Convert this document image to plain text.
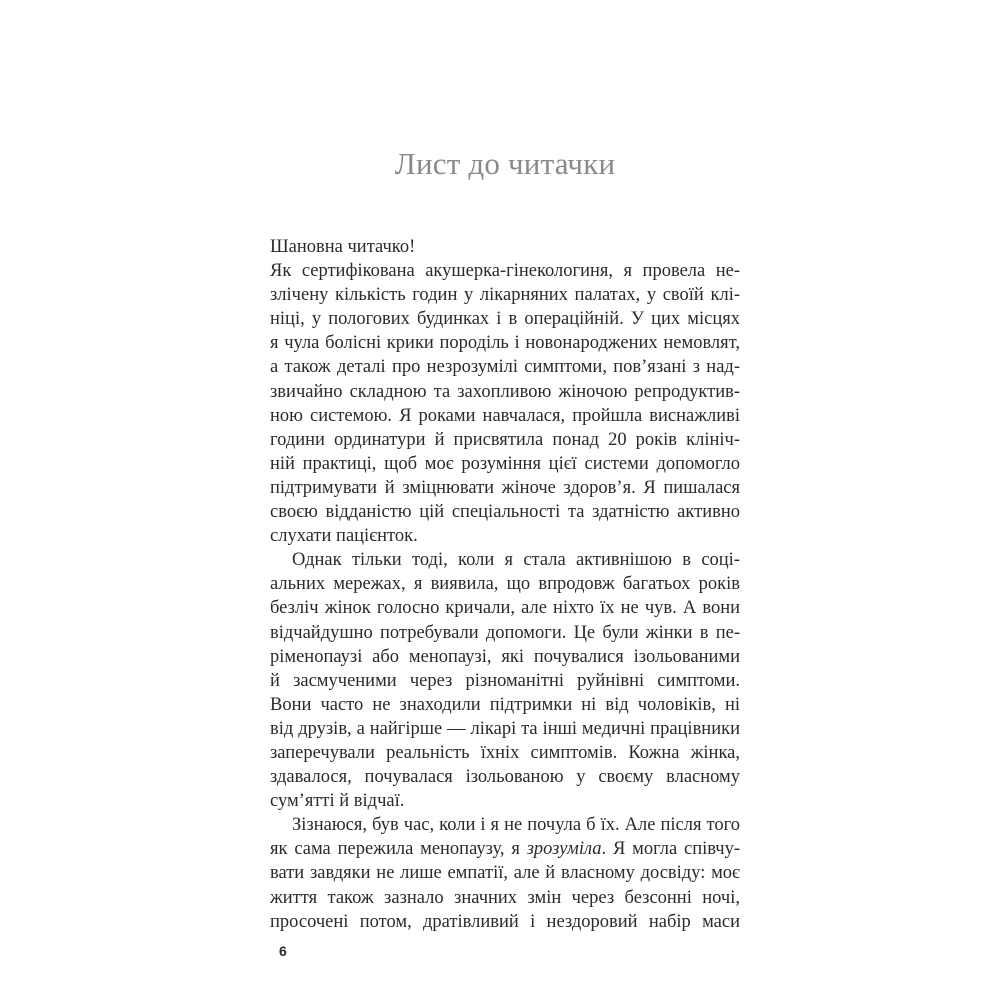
Лист до читачки
Шановна читачко!
Як сертифікована акушерка-гінекологиня, я провела не-
злічену кількість годин у лікарняних палатах, у своїй клі-
ніці, у пологових будинках і в операційній. У цих місцях
я чула болісні крики породіль і новонароджених немовлят,
а також деталі про незрозумілі симптоми, пов’язані з над-
звичайно складною та захопливою жіночою репродуктив-
ною системою. Я роками навчалася, пройшла виснажливі
години ординатури й присвятила понад 20 років клініч-
ній практиці, щоб моє розуміння цієї системи допомогло
підтримувати й зміцнювати жіноче здоров’я. Я пишалася
своєю відданістю цій спеціальності та здатністю активно
слухати пацієнток.
Однак тільки тоді, коли я стала активнішою в соці-
альних мережах, я виявила, що впродовж багатьох років
безліч жінок голосно кричали, але ніхто їх не чув. А вони
відчайдушно потребували допомоги. Це були жінки в пе-
ріменопаузі або менопаузі, які почувалися ізольованими
й засмученими через різноманітні руйнівні симптоми.
Вони часто не знаходили підтримки ні від чоловіків, ні
від друзів, а найгірше — лікарі та інші медичні працівники
заперечували реальність їхніх симптомів. Кожна жінка,
здавалося, почувалася ізольованою у своєму власному
сум’ятті й відчаї.
Зізнаюся, був час, коли і я не почула б їх. Але після того
як сама пережила менопаузу, я зрозуміла. Я могла співчу-
вати завдяки не лише емпатії, але й власному досвіду: моє
життя також зазнало значних змін через безсонні ночі,
просочені потом, дратівливий і нездоровий набір маси
6
